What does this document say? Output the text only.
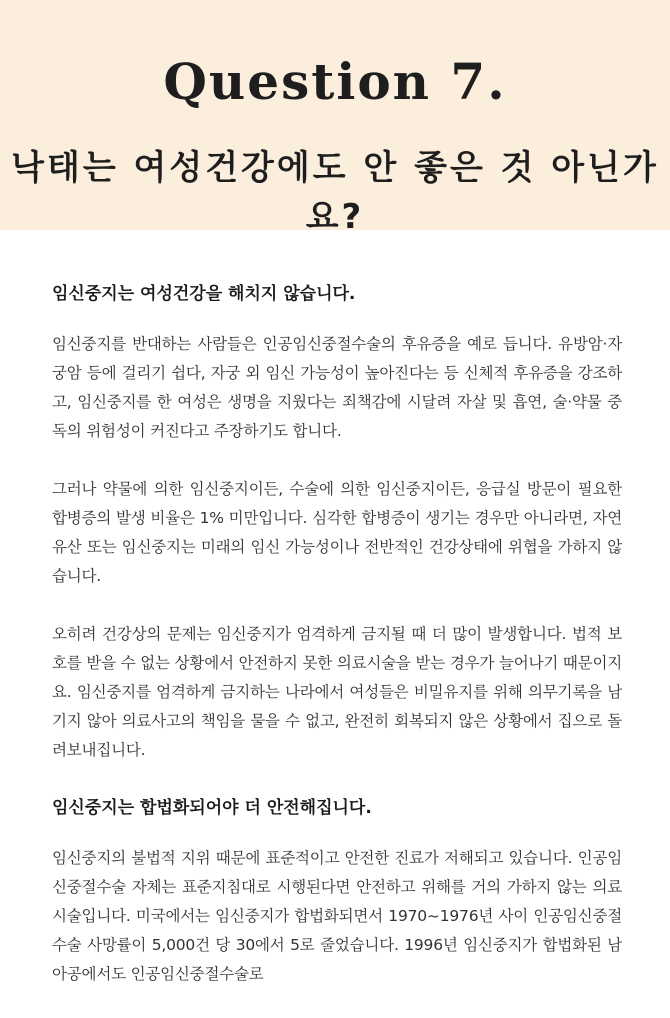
Question 7.
낙태는 여성건강에도 안 좋은 것 아닌가요?
임신중지는 여성건강을 해치지 않습니다.

임신중지를 반대하는 사람들은 인공임신중절수술의 후유증을 예로 듭니다. 유방암·자궁암 등에 걸리기 쉽다, 자궁 외 임신 가능성이 높아진다는 등 신체적 후유증을 강조하고, 임신중지를 한 여성은 생명을 지웠다는 죄책감에 시달려 자살 및 흡연, 술·약물 중독의 위험성이 커진다고 주장하기도 합니다.

그러나 약물에 의한 임신중지이든, 수술에 의한 임신중지이든, 응급실 방문이 필요한 합병증의 발생 비율은 1% 미만입니다. 심각한 합병증이 생기는 경우만 아니라면, 자연유산 또는 임신중지는 미래의 임신 가능성이나 전반적인 건강상태에 위협을 가하지 않습니다.

오히려 건강상의 문제는 임신중지가 엄격하게 금지될 때 더 많이 발생합니다. 법적 보호를 받을 수 없는 상황에서 안전하지 못한 의료시술을 받는 경우가 늘어나기 때문이지요. 임신중지를 엄격하게 금지하는 나라에서 여성들은 비밀유지를 위해 의무기록을 남기지 않아 의료사고의 책임을 물을 수 없고, 완전히 회복되지 않은 상황에서 집으로 돌려보내집니다.

임신중지는 합법화되어야 더 안전해집니다.

임신중지의 불법적 지위 때문에 표준적이고 안전한 진료가 저해되고 있습니다. 인공임신중절수술 자체는 표준지침대로 시행된다면 안전하고 위해를 거의 가하지 않는 의료시술입니다. 미국에서는 임신중지가 합법화되면서 1970~1976년 사이 인공임신중절수술 사망률이 5,000건 당 30에서 5로 줄었습니다. 1996년 임신중지가 합법화된 남아공에서도 인공임신중절수술로
